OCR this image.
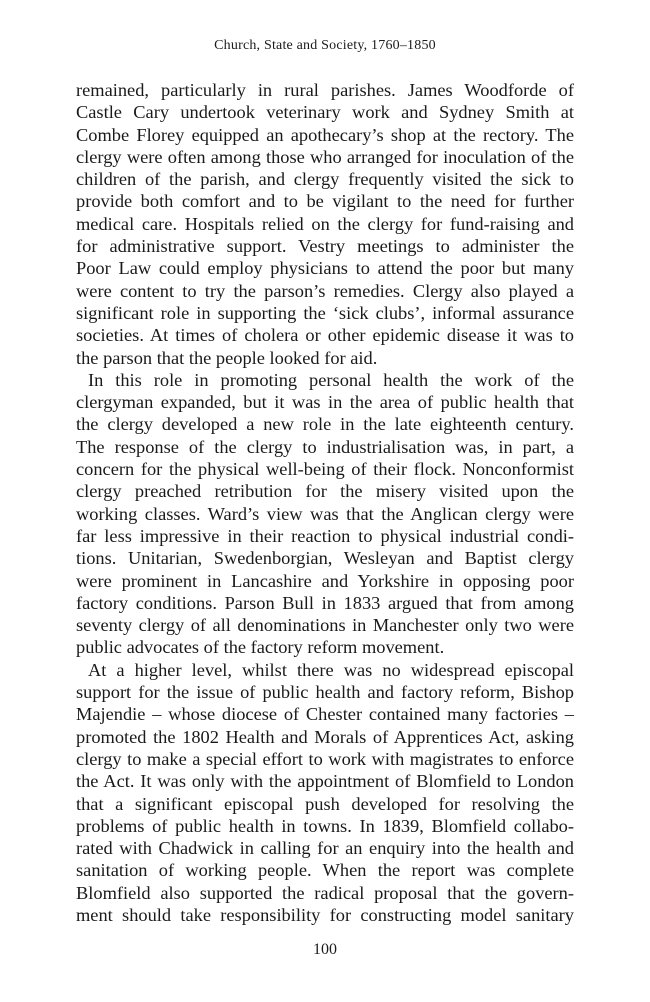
Church, State and Society, 1760–1850
remained, particularly in rural parishes. James Woodforde of
Castle Cary undertook veterinary work and Sydney Smith at
Combe Florey equipped an apothecary’s shop at the rectory. The
clergy were often among those who arranged for inoculation of the
children of the parish, and clergy frequently visited the sick to
provide both comfort and to be vigilant to the need for further
medical care. Hospitals relied on the clergy for fund-raising and
for administrative support. Vestry meetings to administer the
Poor Law could employ physicians to attend the poor but many
were content to try the parson’s remedies. Clergy also played a
significant role in supporting the ‘sick clubs’, informal assurance
societies. At times of cholera or other epidemic disease it was to
the parson that the people looked for aid.
In this role in promoting personal health the work of the
clergyman expanded, but it was in the area of public health that
the clergy developed a new role in the late eighteenth century.
The response of the clergy to industrialisation was, in part, a
concern for the physical well-being of their flock. Nonconformist
clergy preached retribution for the misery visited upon the
working classes. Ward’s view was that the Anglican clergy were
far less impressive in their reaction to physical industrial condi-
tions. Unitarian, Swedenborgian, Wesleyan and Baptist clergy
were prominent in Lancashire and Yorkshire in opposing poor
factory conditions. Parson Bull in 1833 argued that from among
seventy clergy of all denominations in Manchester only two were
public advocates of the factory reform movement.
At a higher level, whilst there was no widespread episcopal
support for the issue of public health and factory reform, Bishop
Majendie – whose diocese of Chester contained many factories –
promoted the 1802 Health and Morals of Apprentices Act, asking
clergy to make a special effort to work with magistrates to enforce
the Act. It was only with the appointment of Blomfield to London
that a significant episcopal push developed for resolving the
problems of public health in towns. In 1839, Blomfield collabo-
rated with Chadwick in calling for an enquiry into the health and
sanitation of working people. When the report was complete
Blomfield also supported the radical proposal that the govern-
ment should take responsibility for constructing model sanitary
100
